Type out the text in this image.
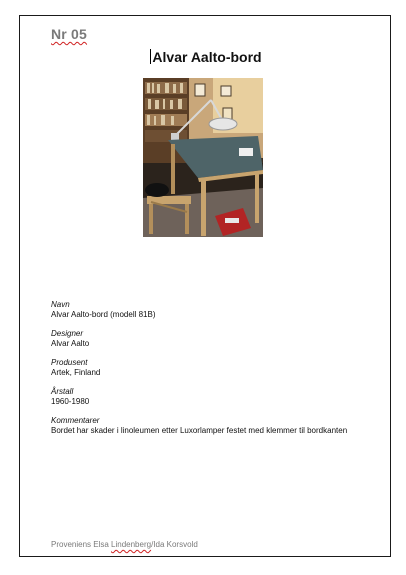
Nr 05
Alvar Aalto-bord
Navn
Alvar Aalto-bord (modell 81B)
Designer
Alvar Aalto
Produsent
Artek, Finland
Årstall
1960-1980
Kommentarer
Bordet har skader i linoleumen etter Luxorlamper festet med klemmer til bordkanten
Proveniens Elsa Lindenberg/Ida Korsvold
